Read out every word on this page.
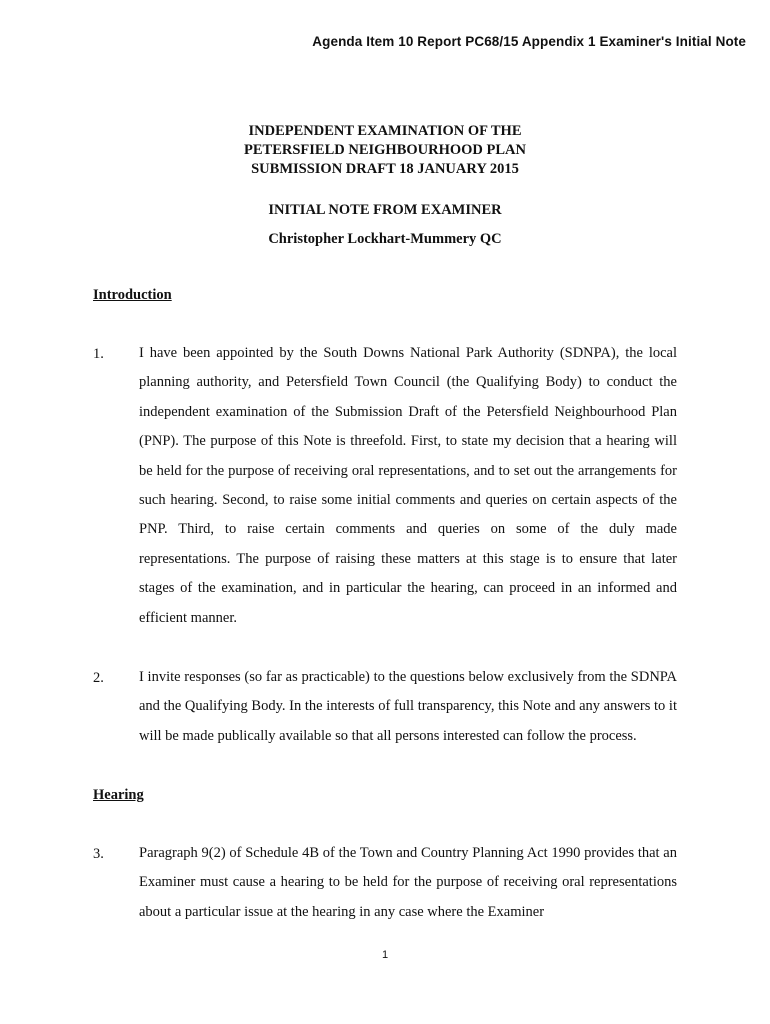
Agenda Item 10 Report PC68/15 Appendix 1 Examiner's Initial Note
INDEPENDENT EXAMINATION OF THE
PETERSFIELD NEIGHBOURHOOD PLAN
SUBMISSION DRAFT 18 JANUARY 2015
INITIAL NOTE FROM EXAMINER
Christopher Lockhart-Mummery QC
Introduction
1. I have been appointed by the South Downs National Park Authority (SDNPA), the local planning authority, and Petersfield Town Council (the Qualifying Body) to conduct the independent examination of the Submission Draft of the Petersfield Neighbourhood Plan (PNP). The purpose of this Note is threefold. First, to state my decision that a hearing will be held for the purpose of receiving oral representations, and to set out the arrangements for such hearing. Second, to raise some initial comments and queries on certain aspects of the PNP. Third, to raise certain comments and queries on some of the duly made representations. The purpose of raising these matters at this stage is to ensure that later stages of the examination, and in particular the hearing, can proceed in an informed and efficient manner.
2. I invite responses (so far as practicable) to the questions below exclusively from the SDNPA and the Qualifying Body. In the interests of full transparency, this Note and any answers to it will be made publically available so that all persons interested can follow the process.
Hearing
3. Paragraph 9(2) of Schedule 4B of the Town and Country Planning Act 1990 provides that an Examiner must cause a hearing to be held for the purpose of receiving oral representations about a particular issue at the hearing in any case where the Examiner
1
